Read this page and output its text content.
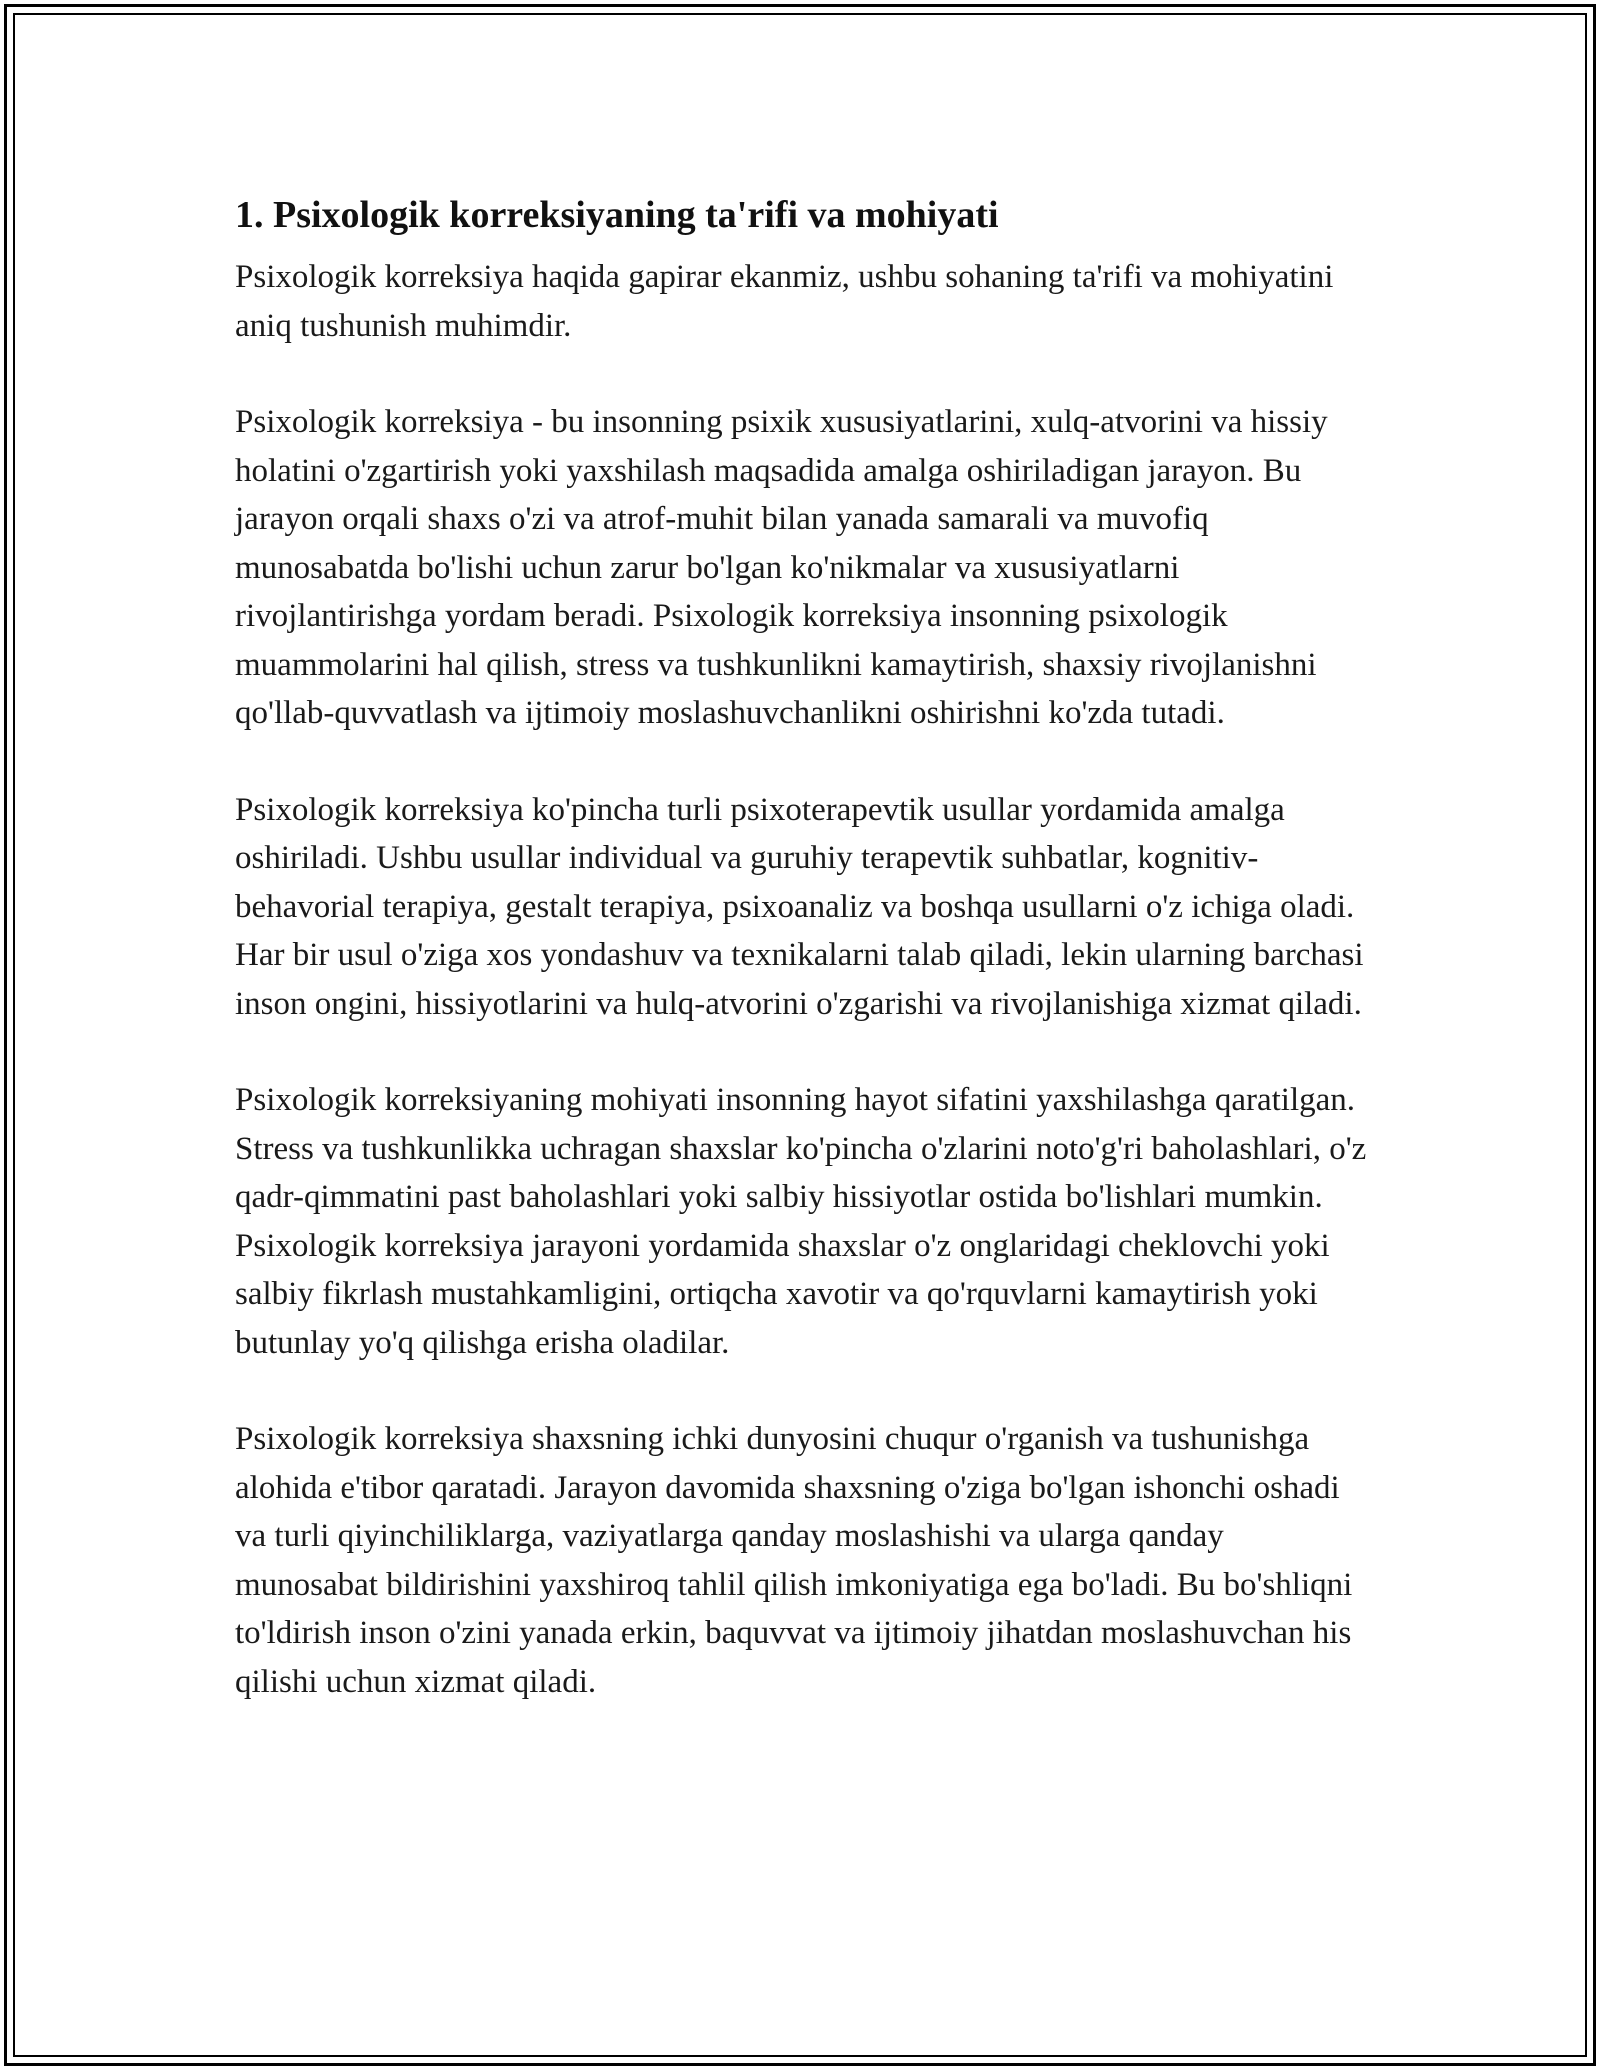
1. Psixologik korreksiyaning ta'rifi va mohiyati

Psixologik korreksiya haqida gapirar ekanmiz, ushbu sohaning ta'rifi va mohiyatini aniq tushunish muhimdir.

Psixologik korreksiya - bu insonning psixik xususiyatlarini, xulq-atvorini va hissiy holatini o'zgartirish yoki yaxshilash maqsadida amalga oshiriladigan jarayon. Bu jarayon orqali shaxs o'zi va atrof-muhit bilan yanada samarali va muvofiq munosabatda bo'lishi uchun zarur bo'lgan ko'nikmalar va xususiyatlarni rivojlantirishga yordam beradi. Psixologik korreksiya insonning psixologik muammolarini hal qilish, stress va tushkunlikni kamaytirish, shaxsiy rivojlanishni qo'llab-quvvatlash va ijtimoiy moslashuvchanlikni oshirishni ko'zda tutadi.

Psixologik korreksiya ko'pincha turli psixoterapevtik usullar yordamida amalga oshiriladi. Ushbu usullar individual va guruhiy terapevtik suhbatlar, kognitiv-behavorial terapiya, gestalt terapiya, psixoanaliz va boshqa usullarni o'z ichiga oladi. Har bir usul o'ziga xos yondashuv va texnikalarni talab qiladi, lekin ularning barchasi inson ongini, hissiyotlarini va hulq-atvorini o'zgarishi va rivojlanishiga xizmat qiladi.

Psixologik korreksiyaning mohiyati insonning hayot sifatini yaxshilashga qaratilgan. Stress va tushkunlikka uchragan shaxslar ko'pincha o'zlarini noto'g'ri baholashlari, o'z qadr-qimmatini past baholashlari yoki salbiy hissiyotlar ostida bo'lishlari mumkin. Psixologik korreksiya jarayoni yordamida shaxslar o'z onglaridagi cheklovchi yoki salbiy fikrlash mustahkamligini, ortiqcha xavotir va qo'rquvlarni kamaytirish yoki butunlay yo'q qilishga erisha oladilar.

Psixologik korreksiya shaxsning ichki dunyosini chuqur o'rganish va tushunishga alohida e'tibor qaratadi. Jarayon davomida shaxsning o'ziga bo'lgan ishonchi oshadi va turli qiyinchiliklarga, vaziyatlarga qanday moslashishi va ularga qanday munosabat bildirishini yaxshiroq tahlil qilish imkoniyatiga ega bo'ladi. Bu bo'shliqni to'ldirish inson o'zini yanada erkin, baquvvat va ijtimoiy jihatdan moslashuvchan his qilishi uchun xizmat qiladi.
